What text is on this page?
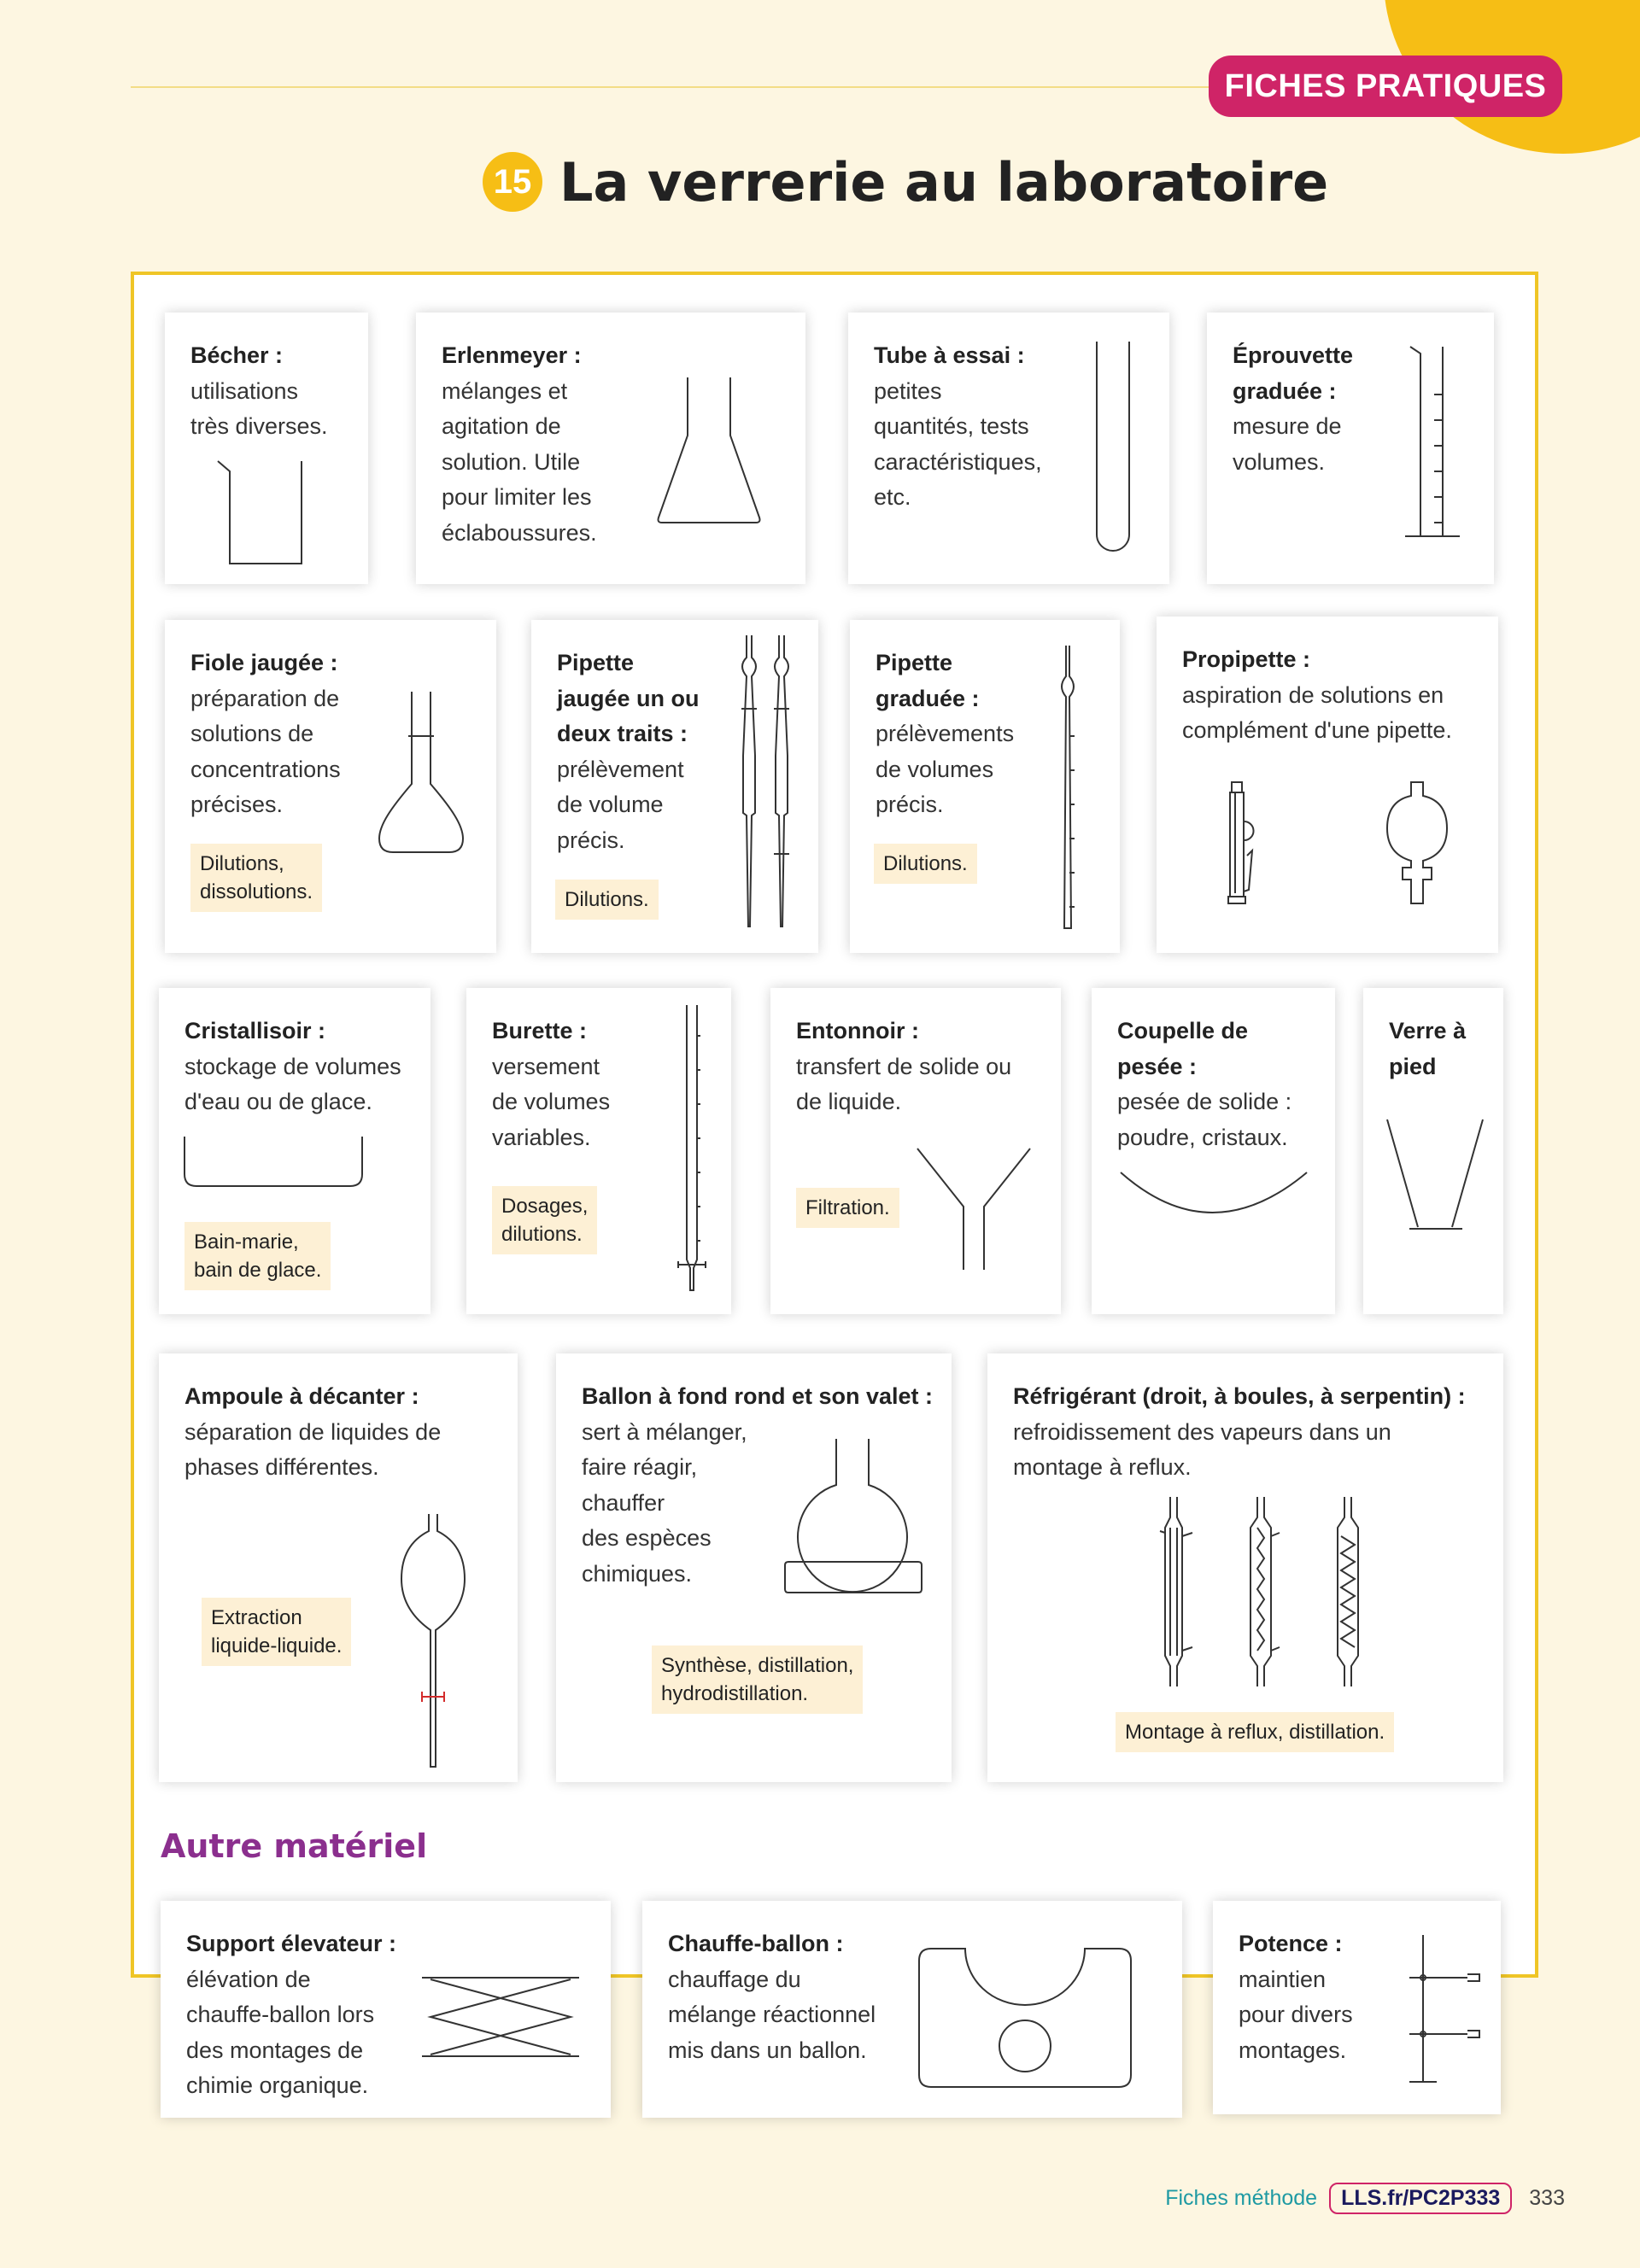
FICHES PRATIQUES
15 La verrerie au laboratoire
Bécher :
utilisations
très diverses.
Erlenmeyer :
mélanges et
agitation de
solution. Utile
pour limiter les
éclaboussures.
Tube à essai :
petites
quantités, tests
caractéristiques,
etc.
Éprouvette
graduée :
mesure de
volumes.
Fiole jaugée :
préparation de
solutions de
concentrations
précises.
Dilutions,
dissolutions.
Pipette
jaugée un ou
deux traits :
prélèvement
de volume
précis.
Dilutions.
Pipette
graduée :
prélèvements
de volumes
précis.
Dilutions.
Propipette :
aspiration de solutions en
complément d'une pipette.
Cristallisoir :
stockage de volumes
d'eau ou de glace.
Bain-marie,
bain de glace.
Burette :
versement
de volumes
variables.
Dosages,
dilutions.
Entonnoir :
transfert de solide ou
de liquide.
Filtration.
Coupelle de
pesée :
pesée de solide :
poudre, cristaux.
Verre à
pied
Ampoule à décanter :
séparation de liquides de
phases différentes.
Extraction
liquide-liquide.
Ballon à fond rond et son valet :
sert à mélanger,
faire réagir,
chauffer
des espèces
chimiques.
Synthèse, distillation,
hydrodistillation.
Réfrigérant (droit, à boules, à serpentin) :
refroidissement des vapeurs dans un
montage à reflux.
Montage à reflux, distillation.
Autre matériel
Support élevateur :
élévation de
chauffe-ballon lors
des montages de
chimie organique.
Chauffe-ballon :
chauffage du
mélange réactionnel
mis dans un ballon.
Potence :
maintien
pour divers
montages.
Fiches méthode	LLS.fr/PC2P333	333
